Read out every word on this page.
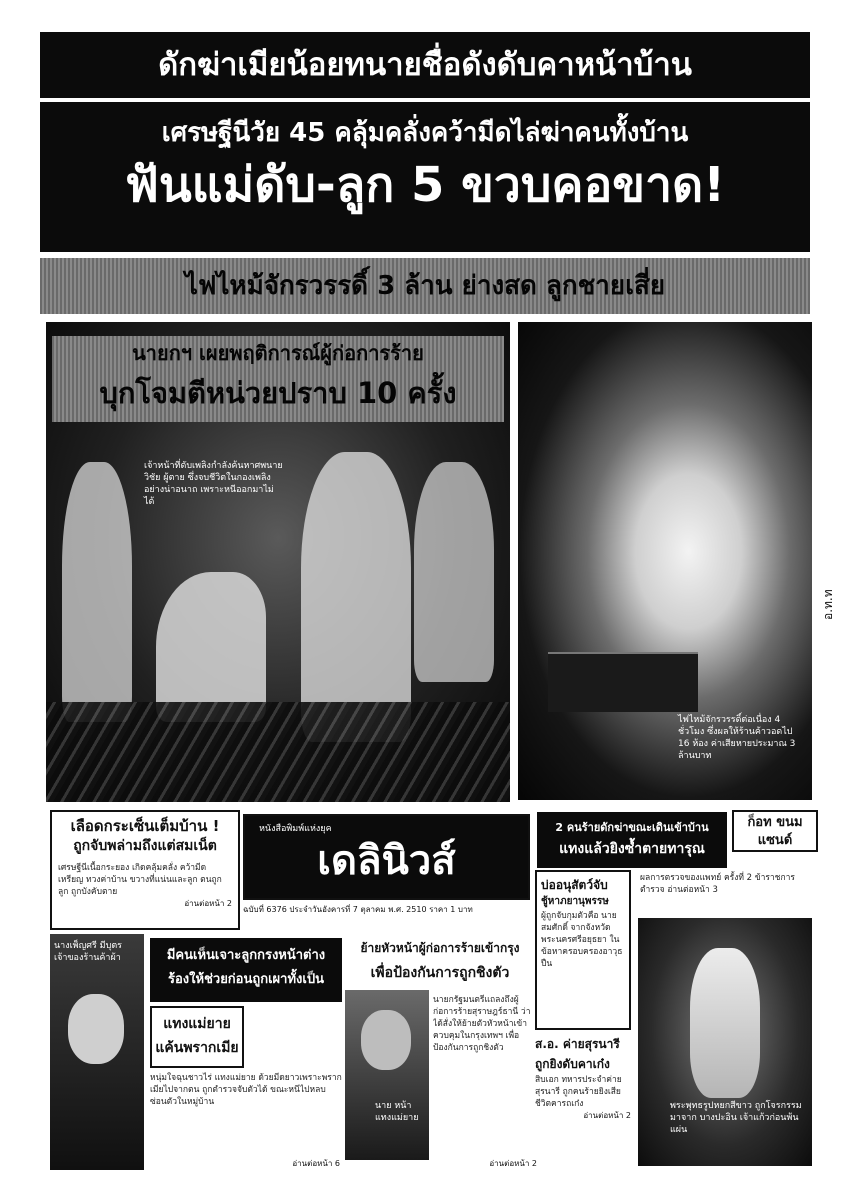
ดักฆ่าเมียน้อยทนายชื่อดังดับคาหน้าบ้าน
เศรษฐีนีวัย 45 คลุ้มคลั่งคว้ามีดไล่ฆ่าคนทั้งบ้าน
ฟันแม่ดับ-ลูก 5 ขวบคอขาด!
ไฟไหม้จักรวรรดิ์ 3 ล้าน ย่างสด ลูกชายเสี่ย
นายกฯ เผยพฤติการณ์ผู้ก่อการร้าย
บุกโจมตีหน่วยปราบ 10 ครั้ง
เจ้าหน้าที่ดับเพลิงกำลังค้นหาศพนาย วิชัย ผู้ตาย ซึ่งจบชีวิตในกองเพลิงอย่างน่าอนาถ เพราะหนีออกมาไม่ได้
ไฟไหม้จักรวรรดิ์ต่อเนื่อง 4 ชั่วโมง ซึ่งผลให้ร้านค้าวอดไป 16 ห้อง ค่าเสียหายประมาณ 3 ล้านบาท
อ.ท.ท
เลือดกระเซ็นเต็มบ้าน !
ถูกจับพล่ามถึงแต่สมเน็ต
เศรษฐีนีเนื้อกระยอง เกิดคลุ้มคลั่ง คว้ามีด เหรียญ ทวงค่าบ้าน ขวางที่แน่นและลูก ตนถูกลูก ถูกบังคับตาย
อ่านต่อหน้า 2
หนังสือพิมพ์แห่งยุค
เดลินิวส์
ฉบับที่ 6376 ประจำวันอังคารที่ 7 ตุลาคม พ.ศ. 2510 ราคา 1 บาท
2 คนร้ายดักฆ่าขณะเดินเข้าบ้าน
แทงแล้วยิงซ้ำตายทารุณ
ก็อท ขนมแซนด์
ผลการตรวจของแพทย์ ครั้งที่ 2 ข้าราชการตำรวจ อ่านต่อหน้า 3
นางเพ็ญศรี มีบุตร เจ้าของร้านค้าผ้า	มีคนเห็นเจาะลูกกรงหน้าต่าง
ร้องให้ช่วยก่อนถูกเผาทั้งเป็น
แทงแม่ยาย
แค้นพรากเมีย
หนุ่มใจฉุนชาวไร่ แทงแม่ยาย ด้วยมีดยาวเพราะพรากเมียไปจากตน ถูกตำรวจจับตัวได้ ขณะหนีไปหลบซ่อนตัวในหมู่บ้าน
อ่านต่อหน้า 6
นาย หน้า แทงแม่ยาย
ย้ายหัวหน้าผู้ก่อการร้ายเข้ากรุง
เพื่อป้องกันการถูกชิงตัว
นายกรัฐมนตรีแถลงถึงผู้ก่อการร้ายสุราษฎร์ธานี ว่าได้สั่งให้ย้ายตัวหัวหน้าเข้าควบคุมในกรุงเทพฯ เพื่อป้องกันการถูกชิงตัว
อ่านต่อหน้า 2
บ่ออนุสัตว์จับ
ชู้หาภยานุพรรษ
ผู้ถูกจับกุมตัวคือ นายสมศักดิ์ จากจังหวัดพระนครศรีอยุธยา ในข้อหาครอบครองอาวุธปืน
ส.อ. ค่ายสุรนารี
ถูกยิงดับคาเก๋ง
สิบเอก ทหารประจำค่ายสุรนารี ถูกคนร้ายยิงเสียชีวิตคารถเก๋ง
อ่านต่อหน้า 2
พระพุทธรูปหยกสีขาว ถูกโจรกรรมมาจาก บางปะอิน เจ้าแก้วก่อนพ้นแผ่น
